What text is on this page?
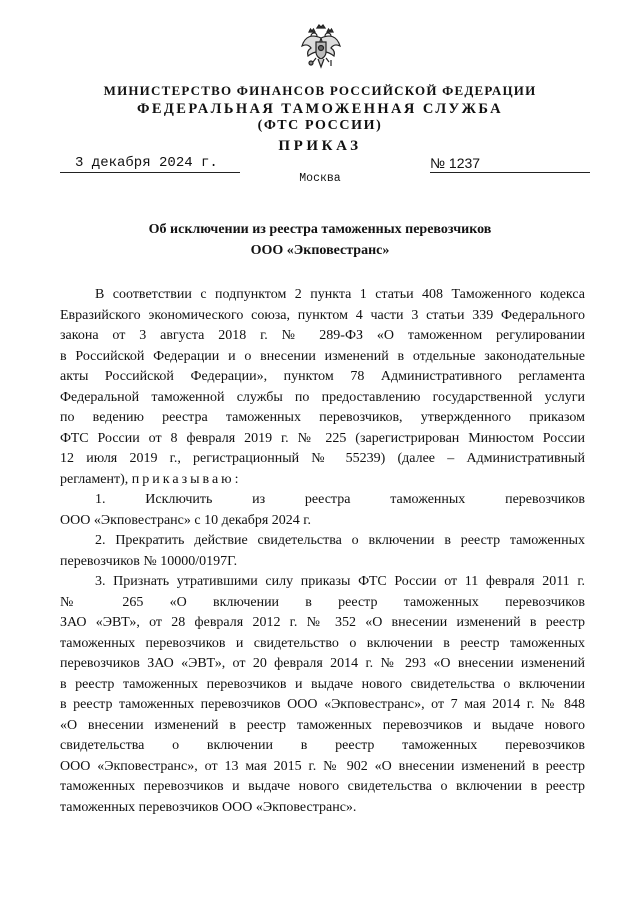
МИНИСТЕРСТВО ФИНАНСОВ РОССИЙСКОЙ ФЕДЕРАЦИИ
ФЕДЕРАЛЬНАЯ ТАМОЖЕННАЯ СЛУЖБА
(ФТС РОССИИ)
ПРИКАЗ
3 декабря 2024 г.	№ 1237
Москва
Об исключении из реестра таможенных перевозчиков
ООО «Экповестранс»
В соответствии с подпунктом 2 пункта 1 статьи 408 Таможенного кодекса
Евразийского экономического союза, пунктом 4 части 3 статьи 339 Федерального
закона от 3 августа 2018 г. № 289-ФЗ «О таможенном регулировании
в Российской Федерации и о внесении изменений в отдельные законодательные
акты Российской Федерации», пунктом 78 Административного регламента
Федеральной таможенной службы по предоставлению государственной услуги
по ведению реестра таможенных перевозчиков, утвержденного приказом
ФТС России от 8 февраля 2019 г. № 225 (зарегистрирован Минюстом России
12 июля 2019 г., регистрационный № 55239) (далее – Административный
регламент), приказываю:
1. Исключить из реестра таможенных перевозчиков
ООО «Экповестранс» с 10 декабря 2024 г.
2. Прекратить действие свидетельства о включении в реестр таможенных
перевозчиков № 10000/0197Г.
3. Признать утратившими силу приказы ФТС России от 11 февраля 2011 г.
№ 265 «О включении в реестр таможенных перевозчиков
ЗАО «ЭВТ», от 28 февраля 2012 г. № 352 «О внесении изменений в реестр
таможенных перевозчиков и свидетельство о включении в реестр таможенных
перевозчиков ЗАО «ЭВТ», от 20 февраля 2014 г. № 293 «О внесении изменений
в реестр таможенных перевозчиков и выдаче нового свидетельства о включении
в реестр таможенных перевозчиков ООО «Экповестранс», от 7 мая 2014 г. № 848
«О внесении изменений в реестр таможенных перевозчиков и выдаче нового
свидетельства о включении в реестр таможенных перевозчиков
ООО «Экповестранс», от 13 мая 2015 г. № 902 «О внесении изменений в реестр
таможенных перевозчиков и выдаче нового свидетельства о включении в реестр
таможенных перевозчиков ООО «Экповестранс».
